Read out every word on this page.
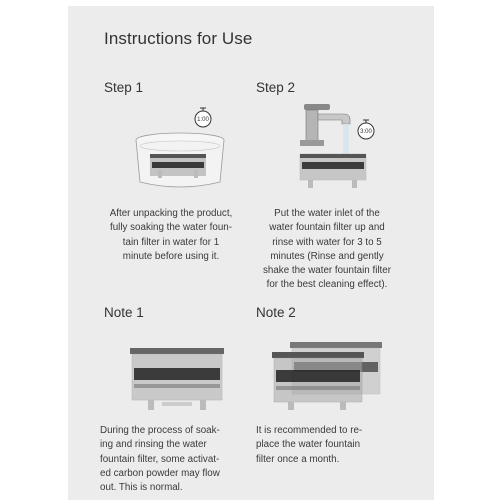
Instructions for Use
Step 1
1:00

After unpacking the product,

fully soaking the water foun-

tain filter in water for 1

minute before using it.

Step 2
3:00

Put the water inlet of the

water fountain filter up and

rinse with water for 3 to 5

minutes (Rinse and gently

shake the water fountain filter

for the best cleaning effect).

Note 1

During the process of soak-

ing and rinsing the water

fountain filter, some activat-

ed carbon powder may flow

out. This is normal.

Note 2

It is recommended to re-

place the water fountain

filter once a month.
